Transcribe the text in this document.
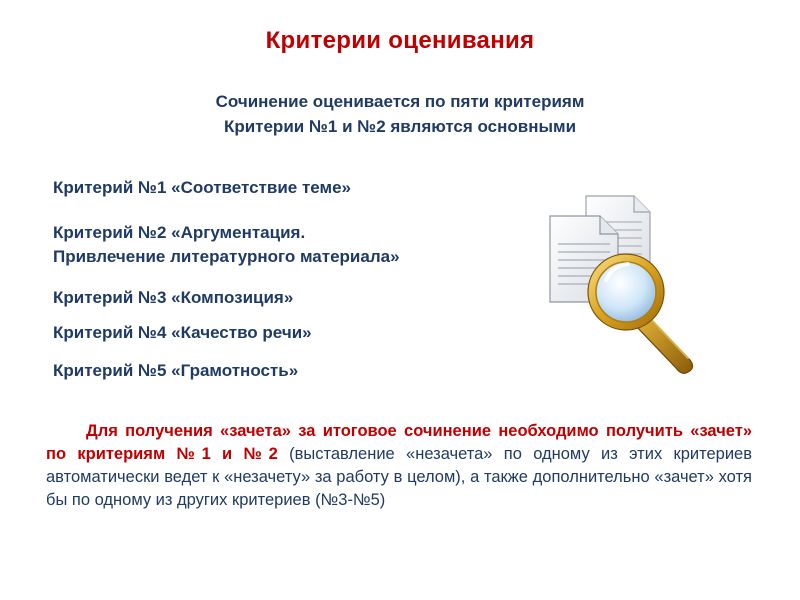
Критерии оценивания
Сочинение оценивается по пяти критериям
Критерии №1 и №2 являются основными
Критерий №1 «Соответствие теме»
Критерий №2 «Аргументация.
Привлечение литературного материала»
Критерий №3 «Композиция»
Критерий №4 «Качество речи»
Критерий №5 «Грамотность»
Для получения «зачета» за итоговое сочинение необходимо получить «зачет» по критериям №1 и №2 (выставление «незачета» по одному из этих критериев автоматически ведет к «незачету» за работу в целом), а также дополнительно «зачет» хотя бы по одному из других критериев (№3-№5)
